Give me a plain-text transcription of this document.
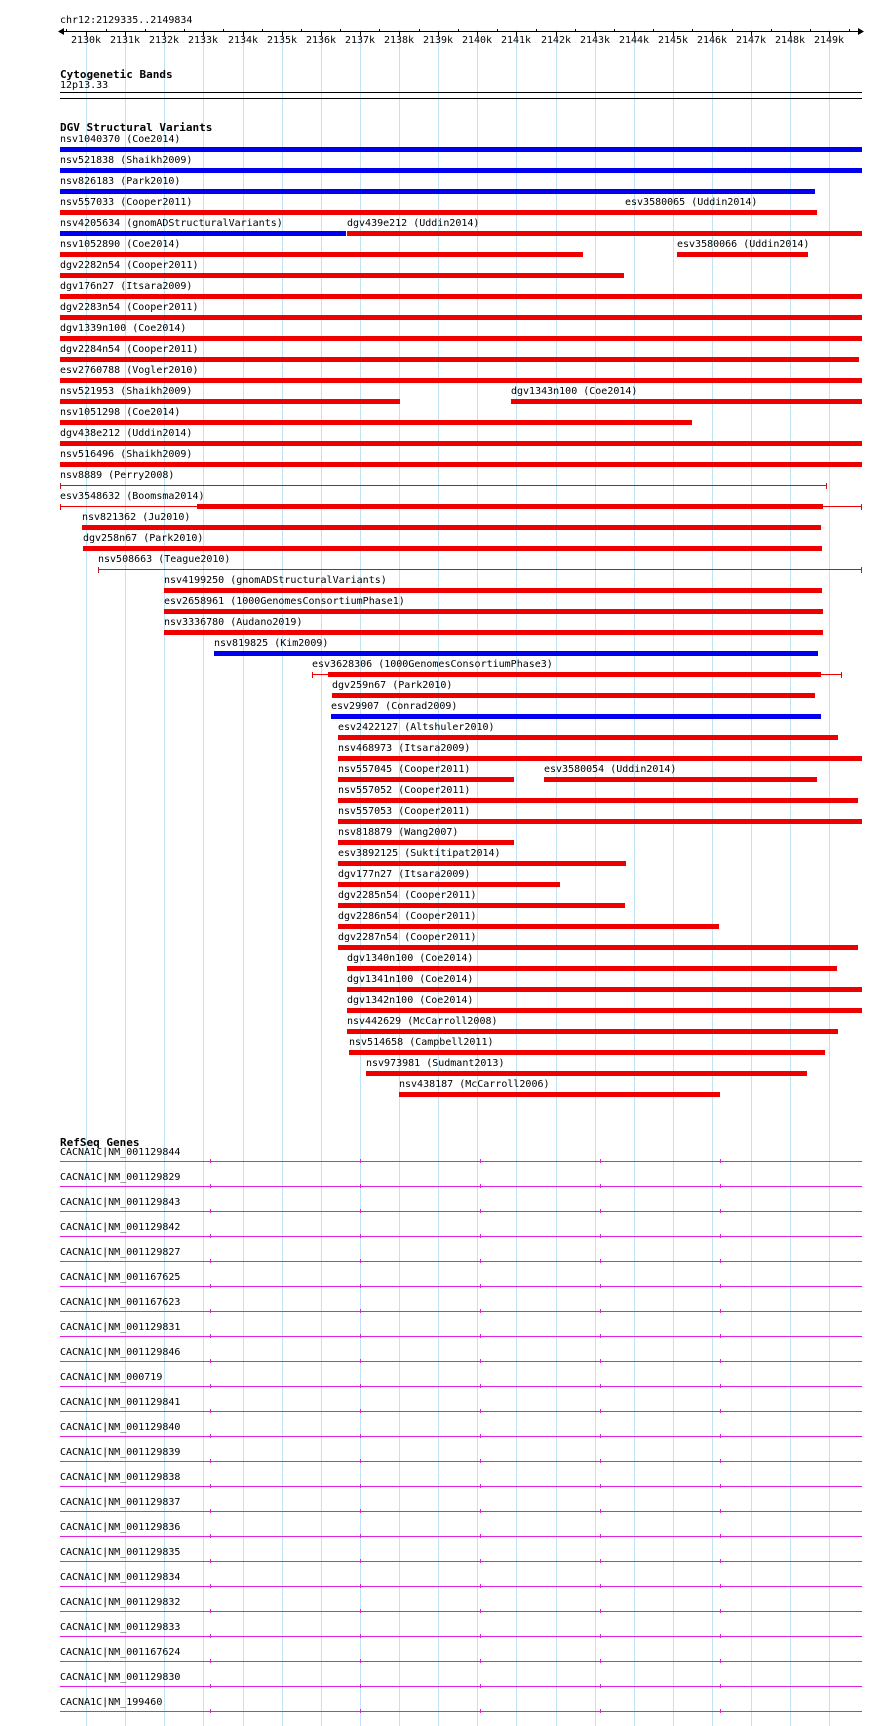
chr12:2129335..2149834
2130k 2131k 2132k 2133k 2134k 2135k 2136k 2137k 2138k 2139k 2140k 2141k 2142k 2143k 2144k 2145k 2146k 2147k 2148k 2149k
Cytogenetic Bands
12p13.33
DGV Structural Variants
nsv1040370 (Coe2014)
nsv521838 (Shaikh2009)
nsv826183 (Park2010)
nsv557033 (Cooper2011)	esv3580065 (Uddin2014)
nsv4205634 (gnomADStructuralVariants)	dgv439e212 (Uddin2014)
nsv1052890 (Coe2014)	esv3580066 (Uddin2014)
dgv2282n54 (Cooper2011)
dgv176n27 (Itsara2009)
dgv2283n54 (Cooper2011)
dgv1339n100 (Coe2014)
dgv2284n54 (Cooper2011)
esv2760788 (Vogler2010)
nsv521953 (Shaikh2009)	dgv1343n100 (Coe2014)
nsv1051298 (Coe2014)
dgv438e212 (Uddin2014)
nsv516496 (Shaikh2009)
nsv8889 (Perry2008)
esv3548632 (Boomsma2014)
nsv821362 (Ju2010)
dgv258n67 (Park2010)
nsv508663 (Teague2010)
nsv4199250 (gnomADStructuralVariants)
esv2658961 (1000GenomesConsortiumPhase1)
nsv3336780 (Audano2019)
nsv819825 (Kim2009)
esv3628306 (1000GenomesConsortiumPhase3)
dgv259n67 (Park2010)
esv29907 (Conrad2009)
esv2422127 (Altshuler2010)
nsv468973 (Itsara2009)
nsv557045 (Cooper2011)	esv3580054 (Uddin2014)
nsv557052 (Cooper2011)
nsv557053 (Cooper2011)
nsv818879 (Wang2007)
esv3892125 (Suktitipat2014)
dgv177n27 (Itsara2009)
dgv2285n54 (Cooper2011)
dgv2286n54 (Cooper2011)
dgv2287n54 (Cooper2011)
dgv1340n100 (Coe2014)
dgv1341n100 (Coe2014)
dgv1342n100 (Coe2014)
nsv442629 (McCarroll2008)
nsv514658 (Campbell2011)
nsv973981 (Sudmant2013)
nsv438187 (McCarroll2006)
RefSeq Genes
CACNA1C|NM_001129844
CACNA1C|NM_001129829
CACNA1C|NM_001129843
CACNA1C|NM_001129842
CACNA1C|NM_001129827
CACNA1C|NM_001167625
CACNA1C|NM_001167623
CACNA1C|NM_001129831
CACNA1C|NM_001129846
CACNA1C|NM_000719
CACNA1C|NM_001129841
CACNA1C|NM_001129840
CACNA1C|NM_001129839
CACNA1C|NM_001129838
CACNA1C|NM_001129837
CACNA1C|NM_001129836
CACNA1C|NM_001129835
CACNA1C|NM_001129834
CACNA1C|NM_001129832
CACNA1C|NM_001129833
CACNA1C|NM_001167624
CACNA1C|NM_001129830
CACNA1C|NM_199460
